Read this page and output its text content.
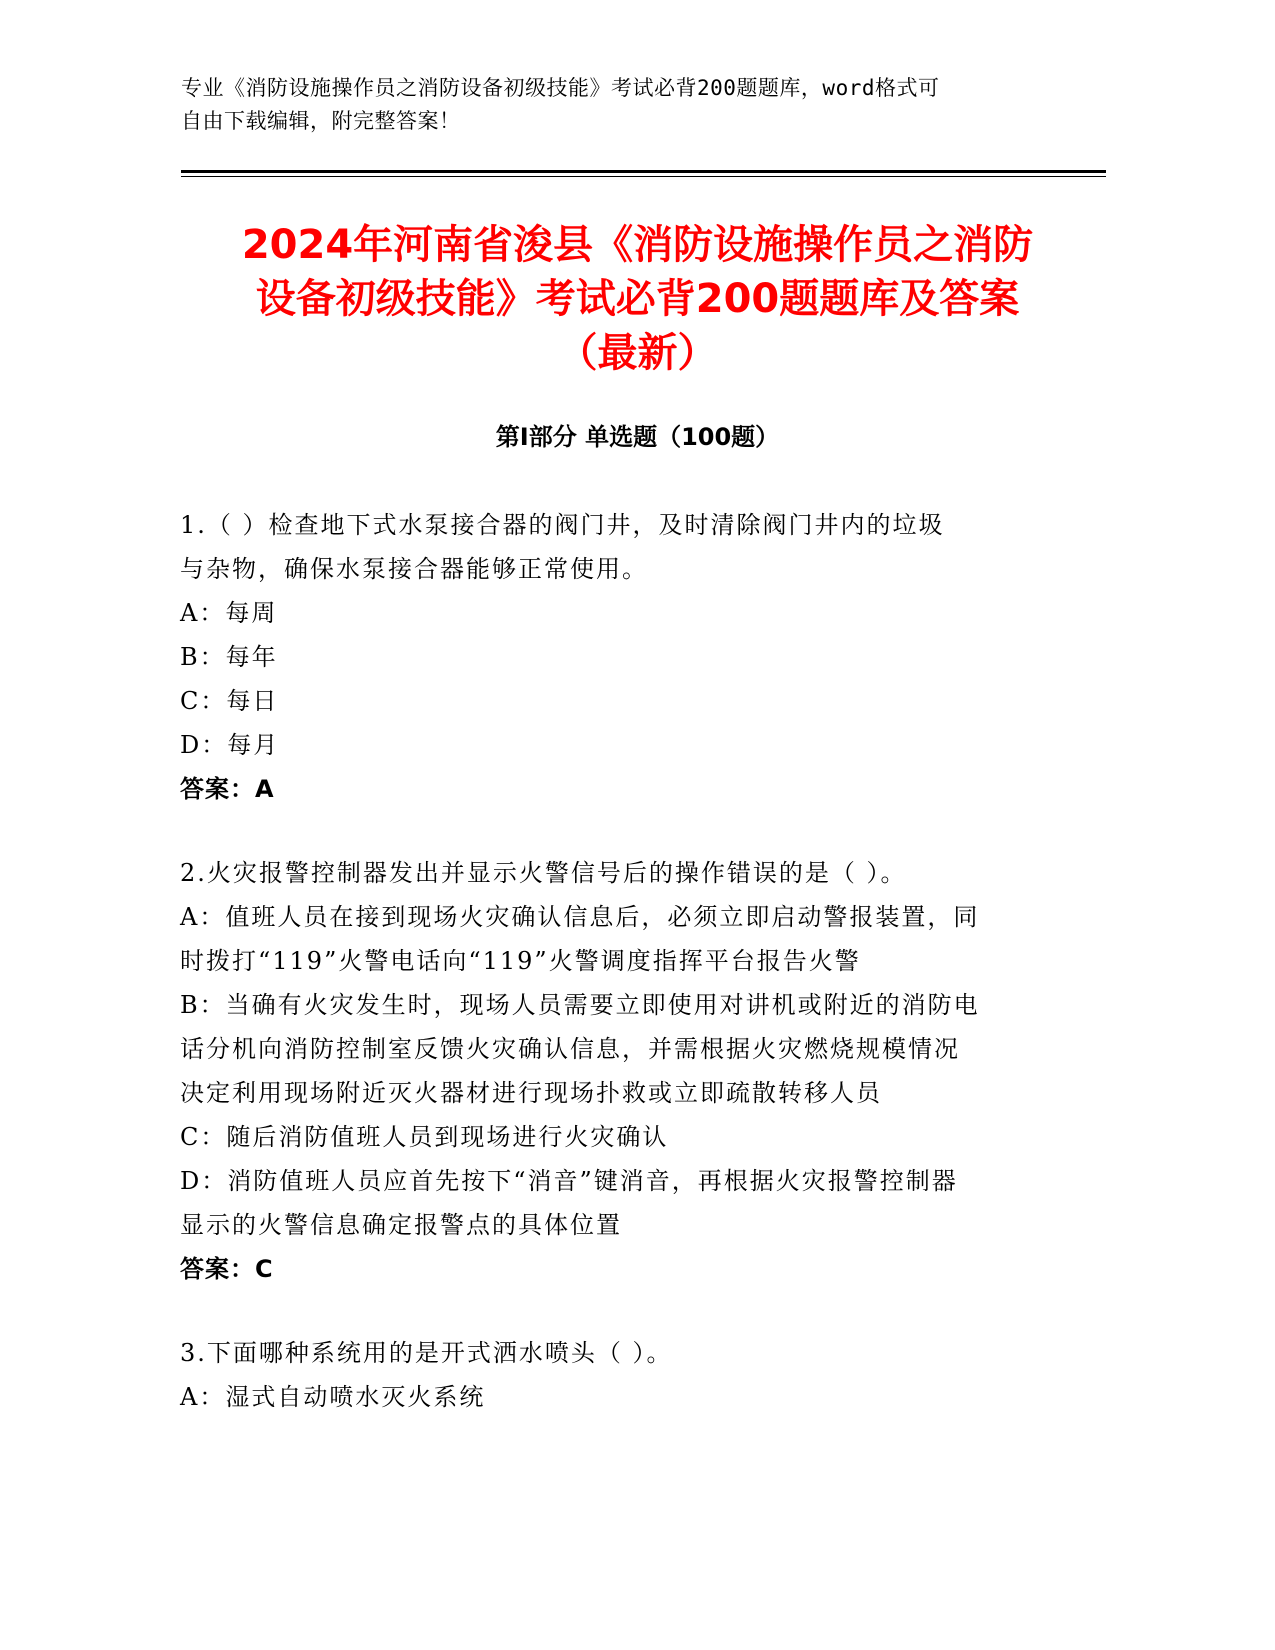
专业《消防设施操作员之消防设备初级技能》考试必背200题题库，word格式可
自由下载编辑，附完整答案！
2024年河南省浚县《消防设施操作员之消防
设备初级技能》考试必背200题题库及答案
（最新）
第Ⅰ部分 单选题（100题）
1.（ ）检查地下式水泵接合器的阀门井，及时清除阀门井内的垃圾
与杂物，确保水泵接合器能够正常使用。
A：每周
B：每年
C：每日
D：每月
答案：A
2.火灾报警控制器发出并显示火警信号后的操作错误的是（ ）。
A：值班人员在接到现场火灾确认信息后，必须立即启动警报装置，同
时拨打“119”火警电话向“119”火警调度指挥平台报告火警
B：当确有火灾发生时，现场人员需要立即使用对讲机或附近的消防电
话分机向消防控制室反馈火灾确认信息，并需根据火灾燃烧规模情况
决定利用现场附近灭火器材进行现场扑救或立即疏散转移人员
C：随后消防值班人员到现场进行火灾确认
D：消防值班人员应首先按下“消音”键消音，再根据火灾报警控制器
显示的火警信息确定报警点的具体位置
答案：C
3.下面哪种系统用的是开式洒水喷头（ ）。
A：湿式自动喷水灭火系统
